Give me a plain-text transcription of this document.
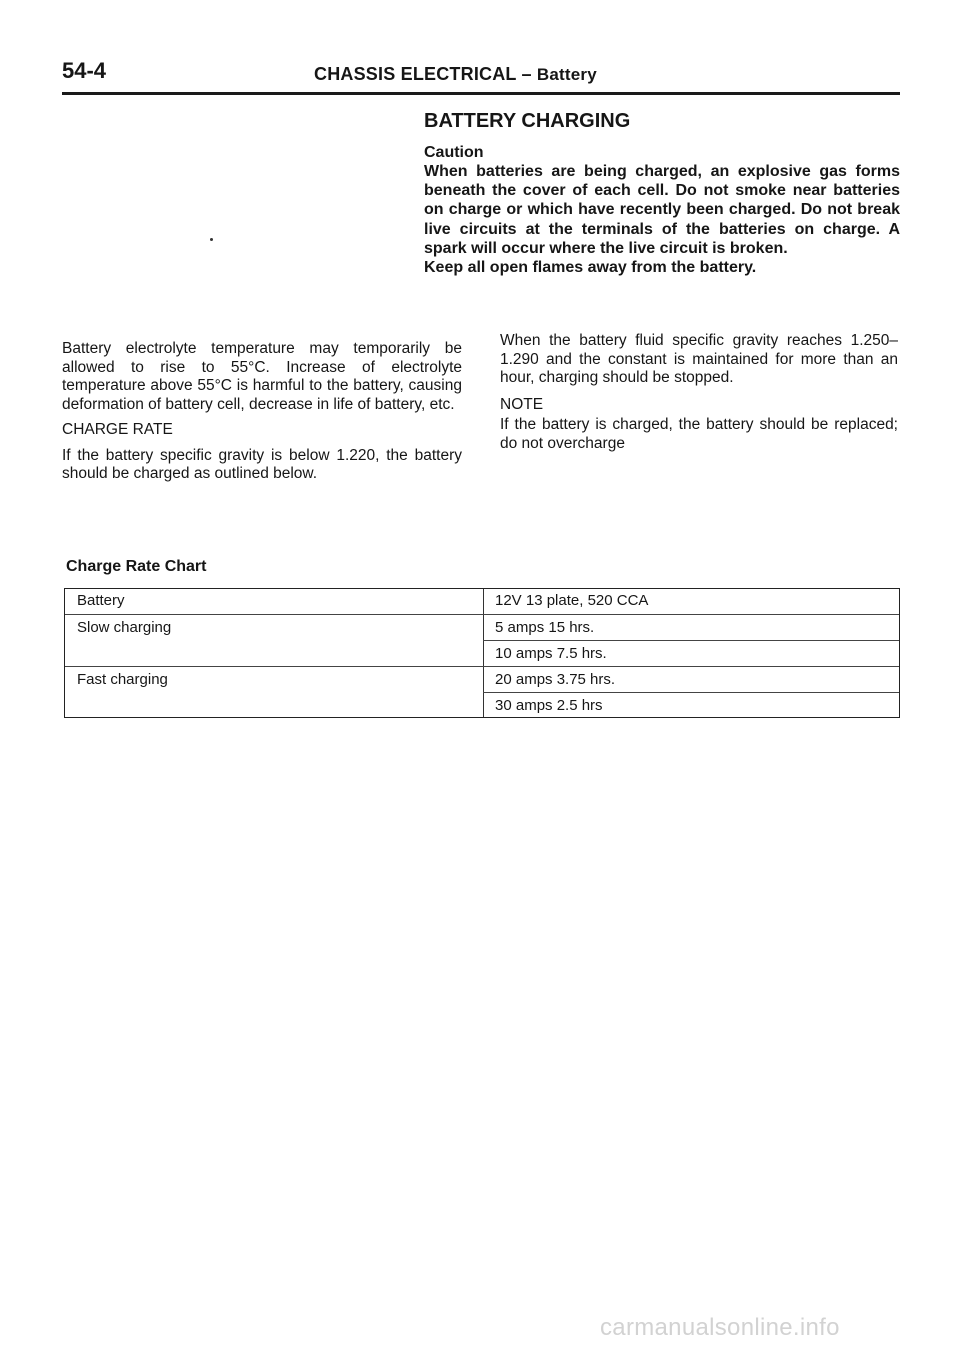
54-4	CHASSIS ELECTRICAL – Battery
BATTERY CHARGING
Caution

When batteries are being charged, an explosive gas forms beneath the cover of each cell. Do not smoke near batteries on charge or which have recently been charged. Do not break live circuits at the terminals of the batteries on charge. A spark will occur where the live circuit is broken.

Keep all open flames away from the battery.

Battery electrolyte temperature may temporarily be allowed to rise to 55°C. Increase of electrolyte temperature above 55°C is harmful to the battery, causing deformation of battery cell, decrease in life of battery, etc.

CHARGE RATE

If the battery specific gravity is below 1.220, the battery should be charged as outlined below.

When the battery fluid specific gravity reaches 1.250–1.290 and the constant is maintained for more than an hour, charging should be stopped.

NOTE

If the battery is charged, the battery should be replaced; do not overcharge

Charge Rate Chart
Battery	12V 13 plate, 520 CCA
Slow charging	5 amps 15 hrs.
10 amps 7.5 hrs.
Fast charging	20 amps 3.75 hrs.
30 amps 2.5 hrs
carmanualsonline.info
